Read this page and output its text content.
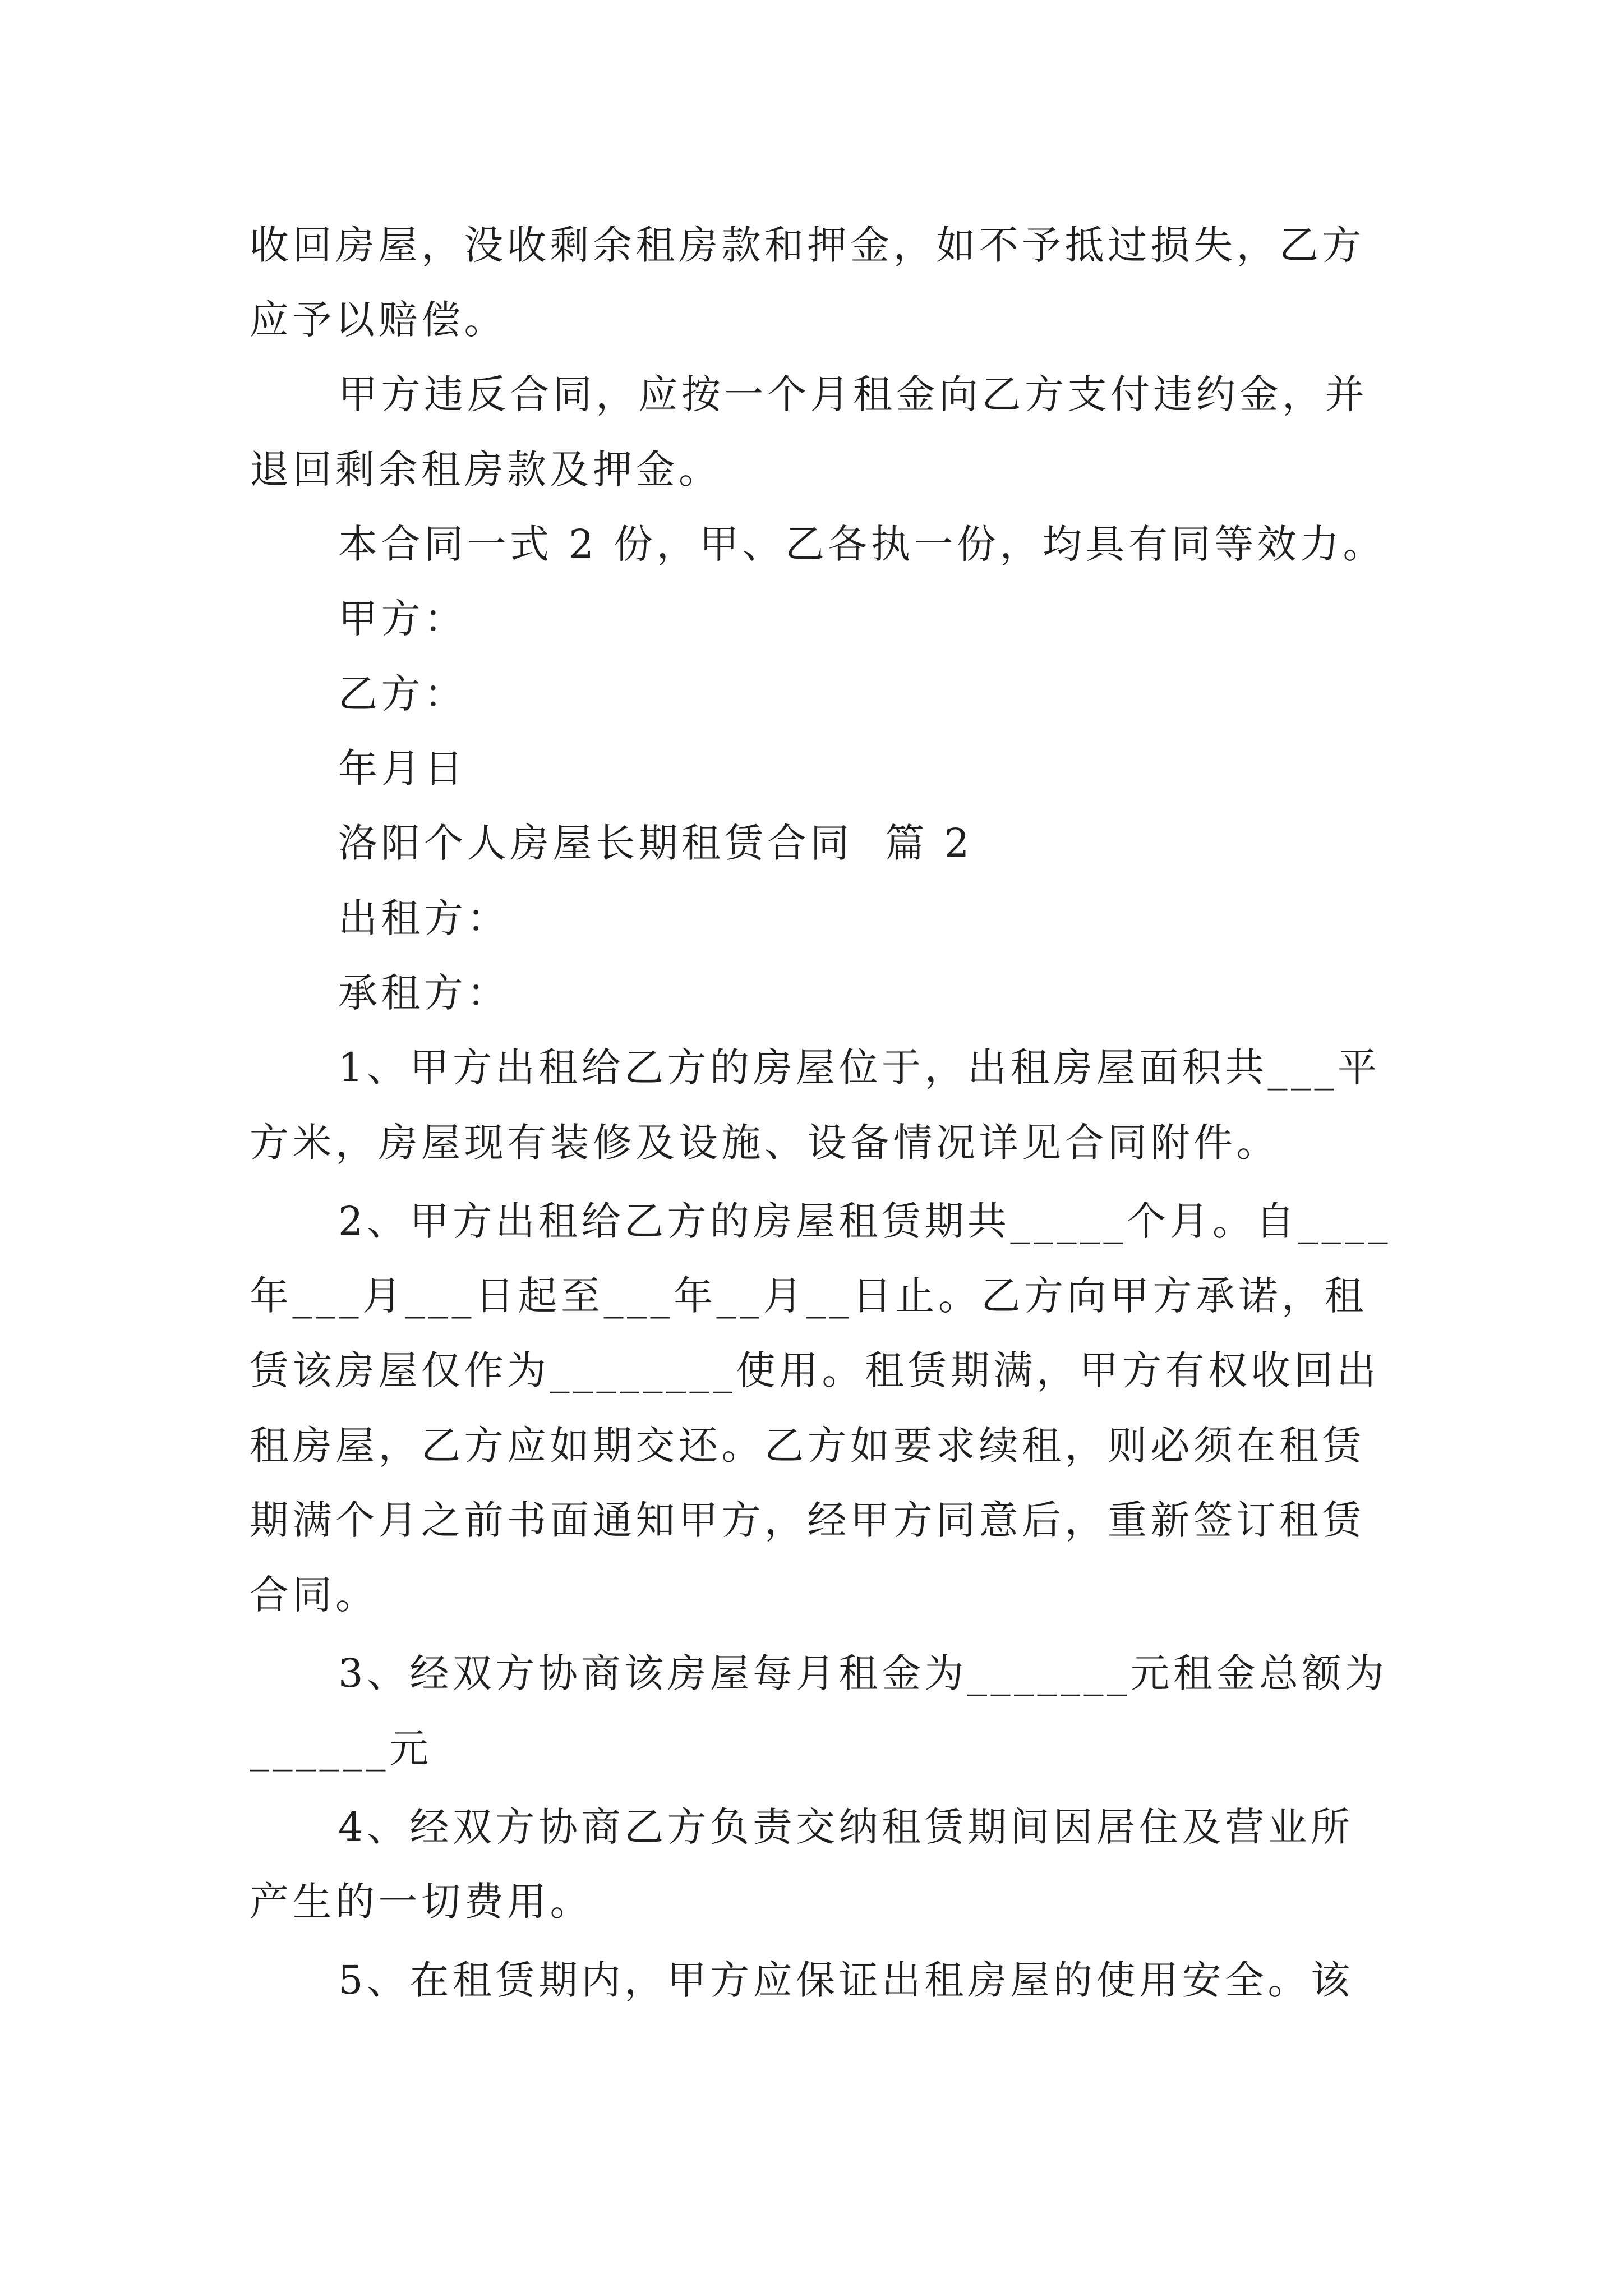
收回房屋，没收剩余租房款和押金，如不予抵过损失，乙方

应予以赔偿。

甲方违反合同，应按一个月租金向乙方支付违约金，并

退回剩余租房款及押金。

本合同一式 2 份，甲、乙各执一份，均具有同等效力。

甲方：

乙方：

年月日

洛阳个人房屋长期租赁合同  篇 2

出租方：

承租方：

1、甲方出租给乙方的房屋位于，出租房屋面积共___平

方米，房屋现有装修及设施、设备情况详见合同附件。

2、甲方出租给乙方的房屋租赁期共_____个月。自____

年___月___日起至___年__月__日止。乙方向甲方承诺，租

赁该房屋仅作为________使用。租赁期满，甲方有权收回出

租房屋，乙方应如期交还。乙方如要求续租，则必须在租赁

期满个月之前书面通知甲方，经甲方同意后，重新签订租赁

合同。

3、经双方协商该房屋每月租金为_______元租金总额为

______元

4、经双方协商乙方负责交纳租赁期间因居住及营业所

产生的一切费用。

5、在租赁期内，甲方应保证出租房屋的使用安全。该
